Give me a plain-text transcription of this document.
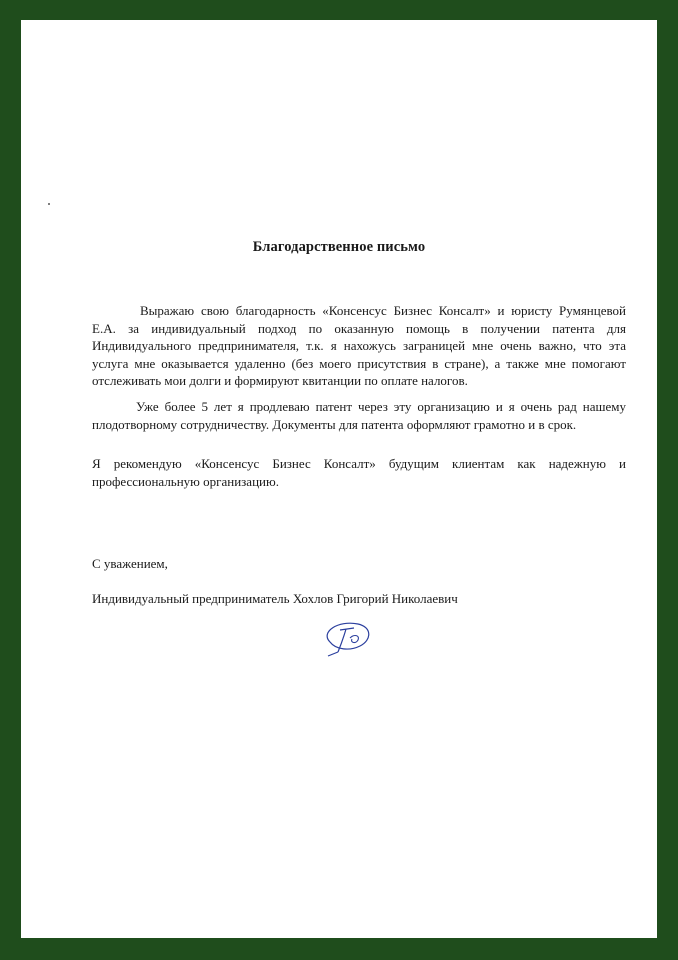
Благодарственное письмо
Выражаю свою благодарность «Консенсус Бизнес Консалт» и юристу Румянцевой
Е.А. за индивидуальный подход по оказанную помощь в получении патента для
Индивидуального предпринимателя, т.к. я нахожусь заграницей мне очень важно, что эта
услуга мне оказывается удаленно (без моего присутствия в стране), а также мне помогают
отслеживать мои долги и формируют квитанции по оплате налогов.
Уже более 5 лет я продлеваю патент через эту организацию и я очень рад нашему
плодотворному сотрудничеству. Документы для патента оформляют грамотно и в срок.
Я рекомендую «Консенсус Бизнес Консалт» будущим клиентам как надежную и
профессиональную организацию.
С уважением,
Индивидуальный предприниматель Хохлов Григорий Николаевич
